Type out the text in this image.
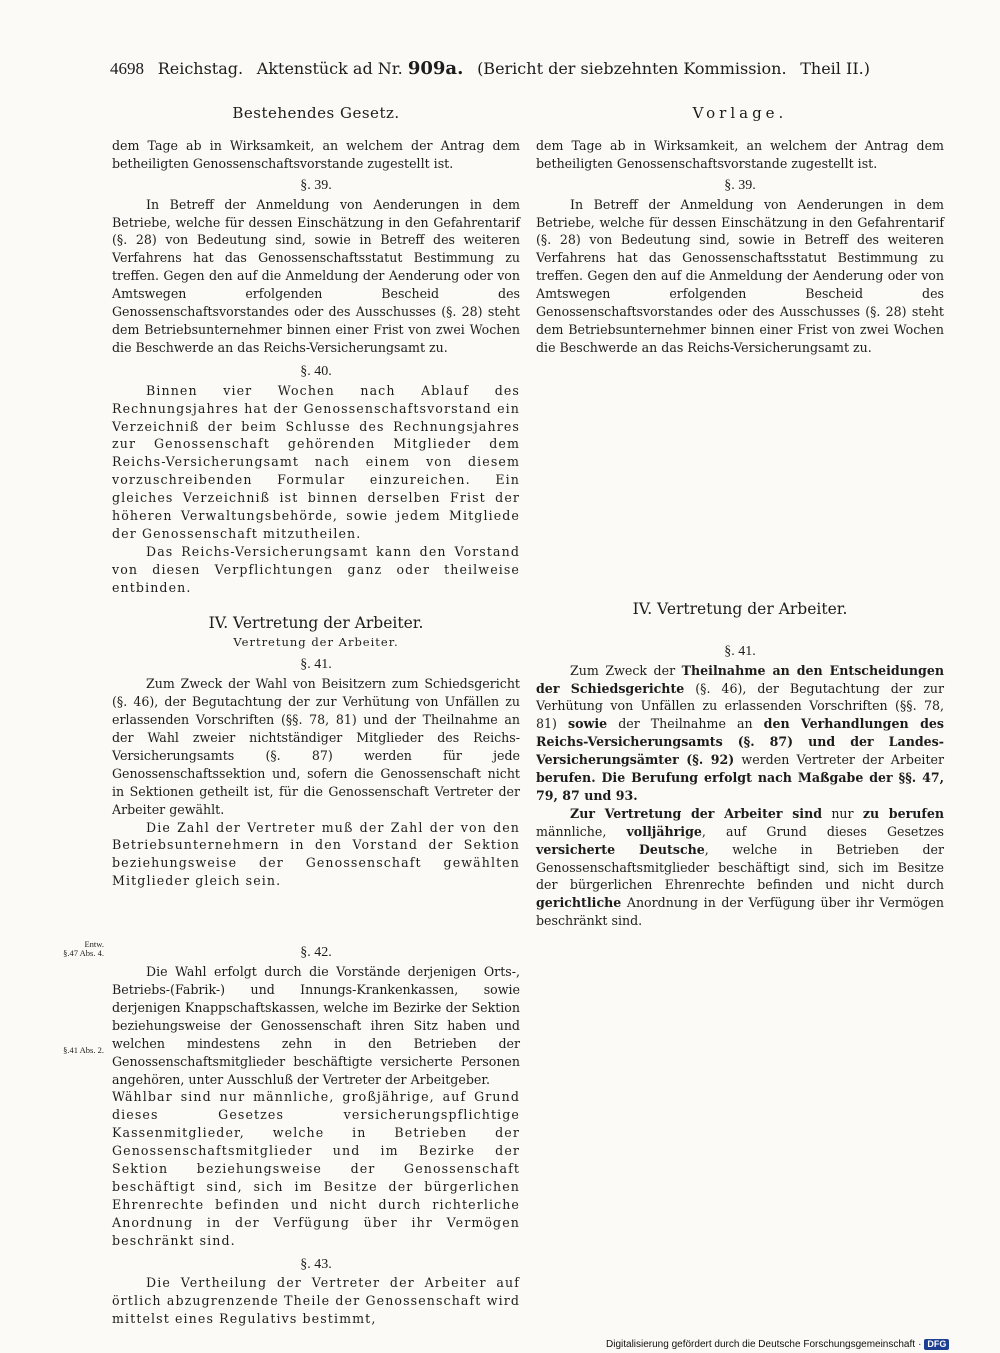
4698 Reichstag. Aktenstück ad Nr. 909a. (Bericht der siebzehnten Kommission. Theil II.)
Bestehendes Gesetz.

dem Tage ab in Wirksamkeit, an welchem der Antrag dem betheiligten Genossenschaftsvorstande zugestellt ist.

§. 39.

In Betreff der Anmeldung von Aenderungen in dem Betriebe, welche für dessen Einschätzung in den Gefahrentarif (§. 28) von Bedeutung sind, sowie in Betreff des weiteren Verfahrens hat das Genossenschaftsstatut Bestimmung zu treffen. Gegen den auf die Anmeldung der Aenderung oder von Amtswegen erfolgenden Bescheid des Genossenschaftsvorstandes oder des Ausschusses (§. 28) steht dem Betriebsunternehmer binnen einer Frist von zwei Wochen die Beschwerde an das Reichs-Versicherungsamt zu.

§. 40.

Binnen vier Wochen nach Ablauf des Rechnungsjahres hat der Genossenschaftsvorstand ein Verzeichniß der beim Schlusse des Rechnungsjahres zur Genossenschaft gehörenden Mitglieder dem Reichs-Versicherungsamt nach einem von diesem vorzuschreibenden Formular einzureichen. Ein gleiches Verzeichniß ist binnen derselben Frist der höheren Verwaltungsbehörde, sowie jedem Mitgliede der Genossenschaft mitzutheilen.

Das Reichs-Versicherungsamt kann den Vorstand von diesen Verpflichtungen ganz oder theilweise entbinden.

IV. Vertretung der Arbeiter.
Vertretung der Arbeiter.
§. 41.

Zum Zweck der Wahl von Beisitzern zum Schiedsgericht (§. 46), der Begutachtung der zur Verhütung von Unfällen zu erlassenden Vorschriften (§§. 78, 81) und der Theilnahme an der Wahl zweier nichtständiger Mitglieder des Reichs-Versicherungsamts (§. 87) werden für jede Genossenschaftssektion und, sofern die Genossenschaft nicht in Sektionen getheilt ist, für die Genossenschaft Vertreter der Arbeiter gewählt.

Die Zahl der Vertreter muß der Zahl der von den Betriebsunternehmern in den Vorstand der Sektion beziehungsweise der Genossenschaft gewählten Mitglieder gleich sein.

§. 42.

Die Wahl erfolgt durch die Vorstände derjenigen Orts-, Betriebs-(Fabrik-) und Innungs-Krankenkassen, sowie derjenigen Knappschaftskassen, welche im Bezirke der Sektion beziehungsweise der Genossenschaft ihren Sitz haben und welchen mindestens zehn in den Betrieben der Genossenschaftsmitglieder beschäftigte versicherte Personen angehören, unter Ausschluß der Vertreter der Arbeitgeber.

Wählbar sind nur männliche, großjährige, auf Grund dieses Gesetzes versicherungspflichtige Kassenmitglieder, welche in Betrieben der Genossenschaftsmitglieder und im Bezirke der Sektion beziehungsweise der Genossenschaft beschäftigt sind, sich im Besitze der bürgerlichen Ehrenrechte befinden und nicht durch richterliche Anordnung in der Verfügung über ihr Vermögen beschränkt sind.

§. 43.

Die Vertheilung der Vertreter der Arbeiter auf örtlich abzugrenzende Theile der Genossenschaft wird mittelst eines Regulativs bestimmt,

Entw.
§.47 Abs. 4.
§.41 Abs. 2.
Vorlage.

dem Tage ab in Wirksamkeit, an welchem der Antrag dem betheiligten Genossenschaftsvorstande zugestellt ist.

§. 39.

In Betreff der Anmeldung von Aenderungen in dem Betriebe, welche für dessen Einschätzung in den Gefahrentarif (§. 28) von Bedeutung sind, sowie in Betreff des weiteren Verfahrens hat das Genossenschaftsstatut Bestimmung zu treffen. Gegen den auf die Anmeldung der Aenderung oder von Amtswegen erfolgenden Bescheid des Genossenschaftsvorstandes oder des Ausschusses (§. 28) steht dem Betriebsunternehmer binnen einer Frist von zwei Wochen die Beschwerde an das Reichs-Versicherungsamt zu.

IV. Vertretung der Arbeiter.
§. 41.

Zum Zweck der Theilnahme an den Entscheidungen der Schiedsgerichte (§. 46), der Begutachtung der zur Verhütung von Unfällen zu erlassenden Vorschriften (§§. 78, 81) sowie der Theilnahme an den Verhandlungen des Reichs-Versicherungsamts (§. 87) und der Landes-Versicherungsämter (§. 92) werden Vertreter der Arbeiter berufen. Die Berufung erfolgt nach Maßgabe der §§. 47, 79, 87 und 93.

Zur Vertretung der Arbeiter sind nur zu berufen männliche, volljährige, auf Grund dieses Gesetzes versicherte Deutsche, welche in Betrieben der Genossenschaftsmitglieder beschäftigt sind, sich im Besitze der bürgerlichen Ehrenrechte befinden und nicht durch gerichtliche Anordnung in der Verfügung über ihr Vermögen beschränkt sind.

Digitalisierung gefördert durch die Deutsche Forschungsgemeinschaft · DFG
